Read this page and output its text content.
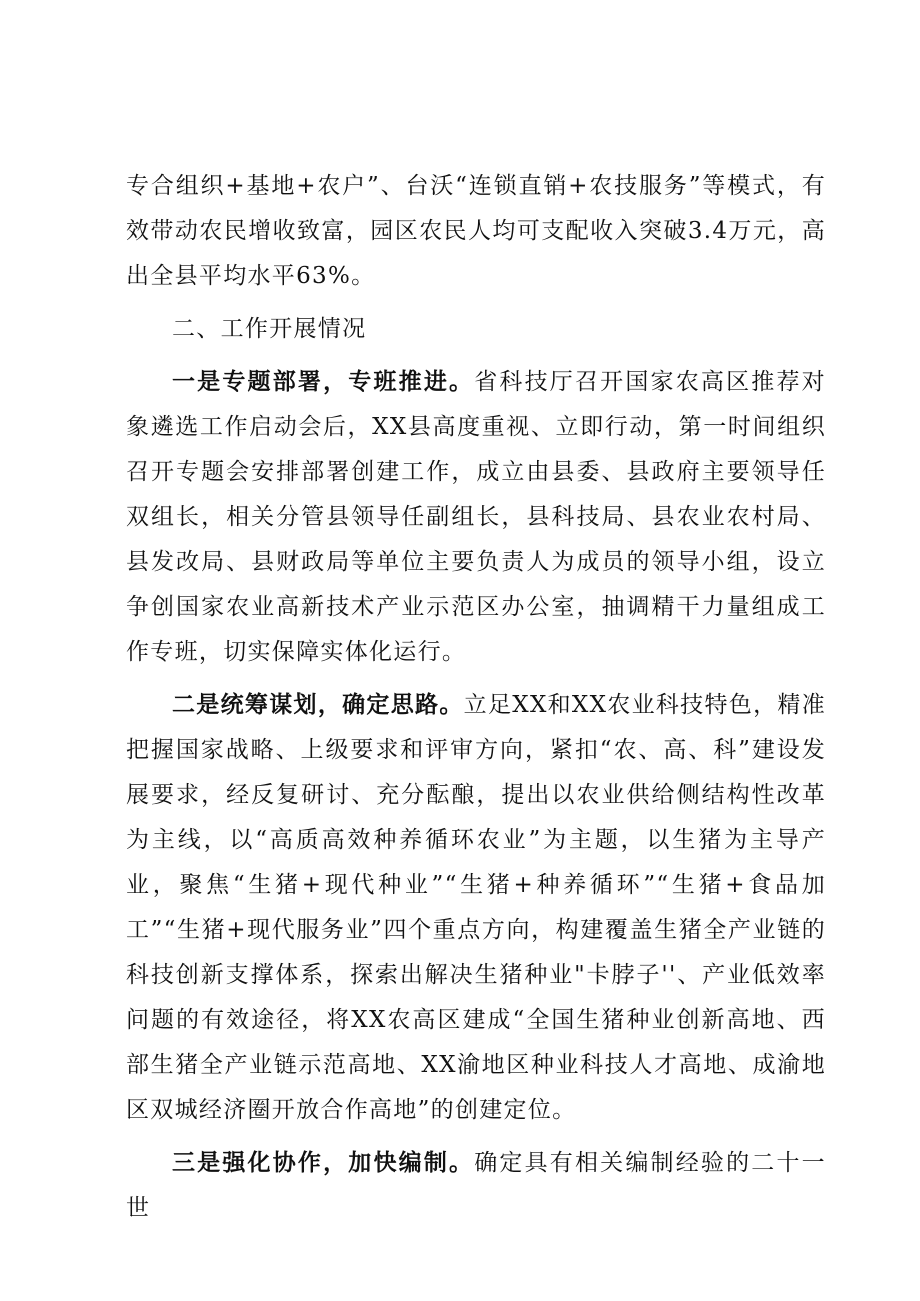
专合组织+基地+农户”、台沃“连锁直销+农技服务”等模式，有效带动农民增收致富，园区农民人均可支配收入突破3.4万元，高出全县平均水平63%。

二、工作开展情况

一是专题部署，专班推进。省科技厅召开国家农高区推荐对象遴选工作启动会后，XX县高度重视、立即行动，第一时间组织召开专题会安排部署创建工作，成立由县委、县政府主要领导任双组长，相关分管县领导任副组长，县科技局、县农业农村局、县发改局、县财政局等单位主要负责人为成员的领导小组，设立争创国家农业高新技术产业示范区办公室，抽调精干力量组成工作专班，切实保障实体化运行。

二是统筹谋划，确定思路。立足XX和XX农业科技特色，精准把握国家战略、上级要求和评审方向，紧扣“农、高、科”建设发展要求，经反复研讨、充分酝酿，提出以农业供给侧结构性改革为主线，以“高质高效种养循环农业”为主题，以生猪为主导产业，聚焦“生猪+现代种业”“生猪+种养循环”“生猪+食品加工”“生猪+现代服务业”四个重点方向，构建覆盖生猪全产业链的科技创新支撑体系，探索出解决生猪种业"卡脖子''、产业低效率问题的有效途径，将XX农高区建成“全国生猪种业创新高地、西部生猪全产业链示范高地、XX渝地区种业科技人才高地、成渝地区双城经济圈开放合作高地”的创建定位。

三是强化协作，加快编制。确定具有相关编制经验的二十一世
